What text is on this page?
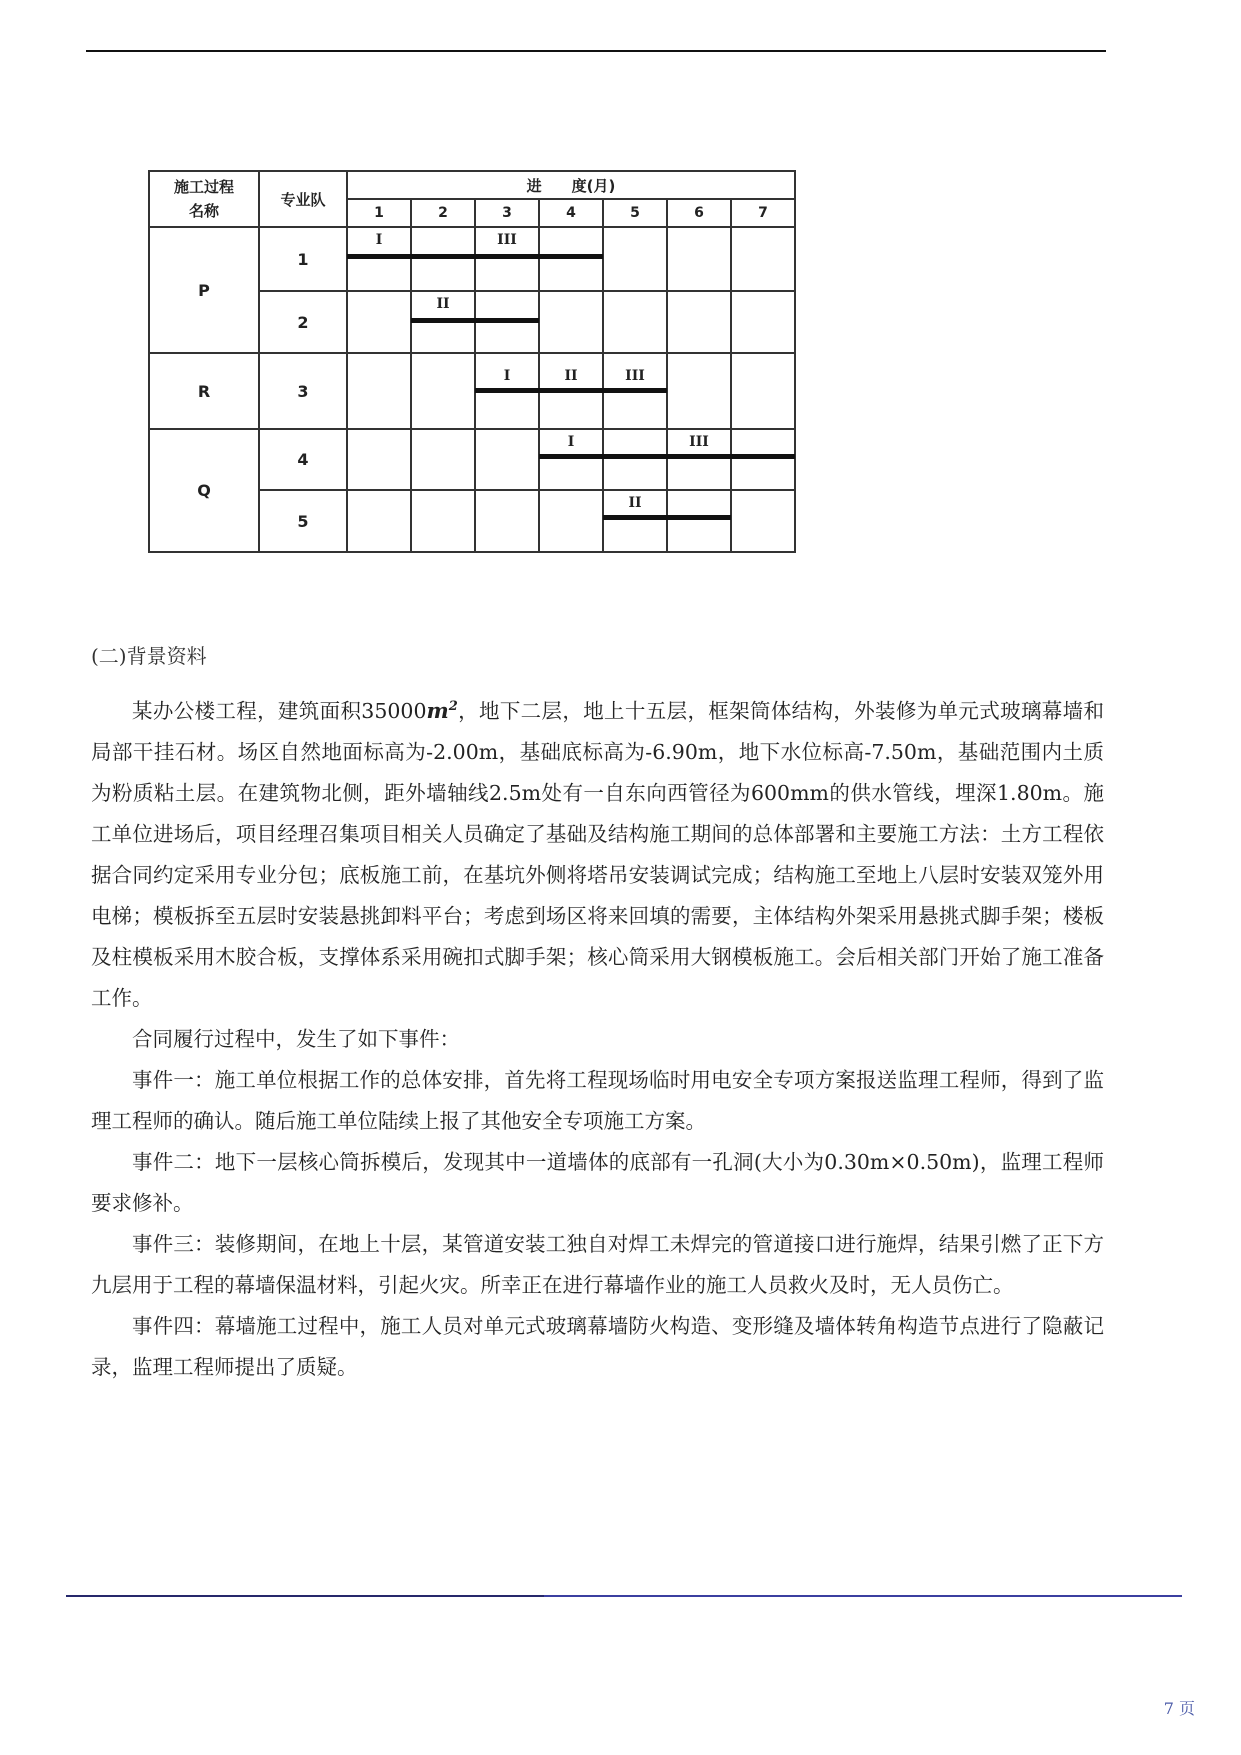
施工过程
名称	专业队	进　　度(月)						
		1	2	3	4	5	6	7
P	1	I		III				

	2		II					

R	3			I	II	III		

Q	4				I		III	

	5					II		

(二)背景资料

某办公楼工程，建筑面积$35000m^2$，地下二层，地上十五层，框架筒体结构，外装修为单元式玻璃幕墙和局部干挂石材。场区自然地面标高为-2.00m，基础底标高为-6.90m，地下水位标高-7.50m，基础范围内土质为粉质粘土层。在建筑物北侧，距外墙轴线2.5m处有一自东向西管径为600mm的供水管线，埋深1.80m。施工单位进场后，项目经理召集项目相关人员确定了基础及结构施工期间的总体部署和主要施工方法：土方工程依据合同约定采用专业分包；底板施工前，在基坑外侧将塔吊安装调试完成；结构施工至地上八层时安装双笼外用电梯；模板拆至五层时安装悬挑卸料平台；考虑到场区将来回填的需要，主体结构外架采用悬挑式脚手架；楼板及柱模板采用木胶合板，支撑体系采用碗扣式脚手架；核心筒采用大钢模板施工。会后相关部门开始了施工准备工作。

合同履行过程中，发生了如下事件：

事件一：施工单位根据工作的总体安排，首先将工程现场临时用电安全专项方案报送监理工程师，得到了监理工程师的确认。随后施工单位陆续上报了其他安全专项施工方案。

事件二：地下一层核心筒拆模后，发现其中一道墙体的底部有一孔洞(大小为0.30m×0.50m)，监理工程师要求修补。

事件三：装修期间，在地上十层，某管道安装工独自对焊工未焊完的管道接口进行施焊，结果引燃了正下方九层用于工程的幕墙保温材料，引起火灾。所幸正在进行幕墙作业的施工人员救火及时，无人员伤亡。

事件四：幕墙施工过程中，施工人员对单元式玻璃幕墙防火构造、变形缝及墙体转角构造节点进行了隐蔽记录，监理工程师提出了质疑。

7 页
